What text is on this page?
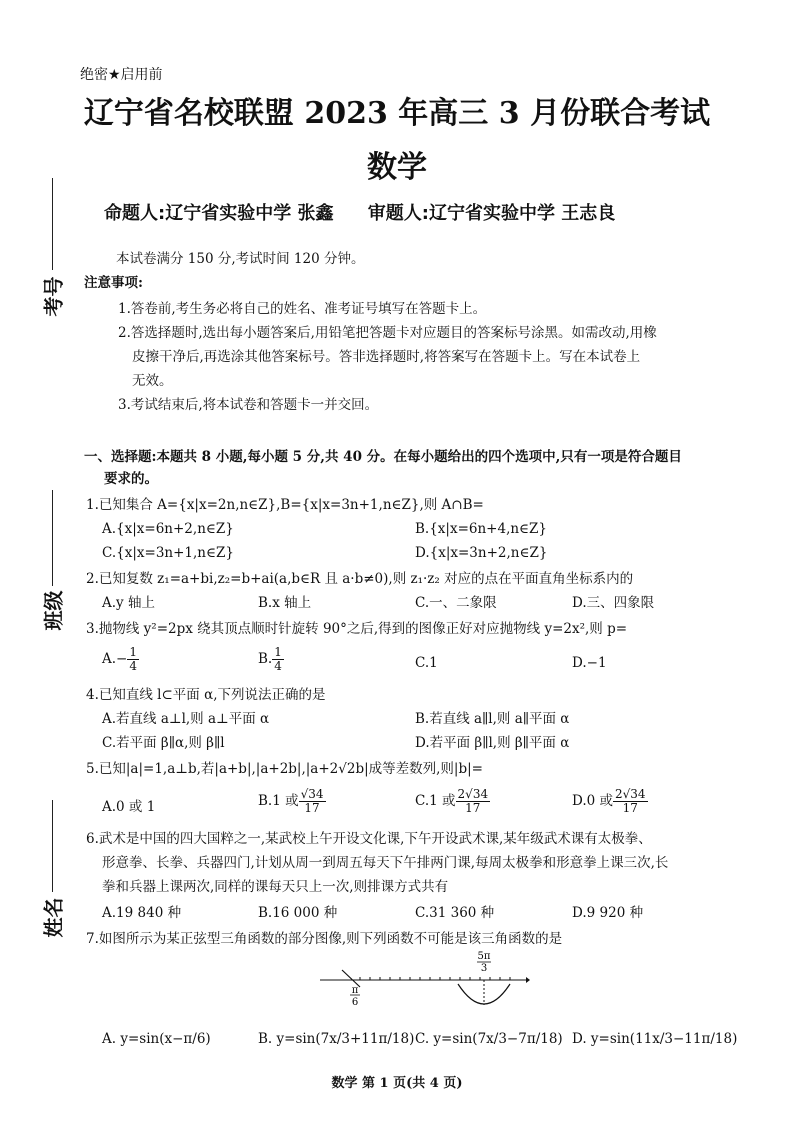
绝密★启用前
辽宁省名校联盟 2023 年高三 3 月份联合考试
数学
命题人:辽宁省实验中学 张鑫 审题人:辽宁省实验中学 王志良
考号
班级
姓名
本试卷满分 150 分,考试时间 120 分钟。
注意事项:
1.答卷前,考生务必将自己的姓名、准考证号填写在答题卡上。
2.答选择题时,选出每小题答案后,用铅笔把答题卡对应题目的答案标号涂黑。如需改动,用橡
皮擦干净后,再选涂其他答案标号。答非选择题时,将答案写在答题卡上。写在本试卷上
无效。
3.考试结束后,将本试卷和答题卡一并交回。
一、选择题:本题共 8 小题,每小题 5 分,共 40 分。在每小题给出的四个选项中,只有一项是符合题目
要求的。
1.已知集合 A={x|x=2n,n∈Z},B={x|x=3n+1,n∈Z},则 A∩B=
A.{x|x=6n+2,n∈Z}	B.{x|x=6n+4,n∈Z}
C.{x|x=3n+1,n∈Z}	D.{x|x=3n+2,n∈Z}
2.已知复数 z₁=a+bi,z₂=b+ai(a,b∈R 且 a·b≠0),则 z₁·z₂ 对应的点在平面直角坐标系内的
A.y 轴上	B.x 轴上	C.一、二象限	D.三、四象限
3.抛物线 y²=2px 绕其顶点顺时针旋转 90°之后,得到的图像正好对应抛物线 y=2x²,则 p=
$A.- \frac{1}{4}$	B. $\frac{1}{4}$	C.1	D.−1
4.已知直线 l⊂平面 α,下列说法正确的是
A.若直线 a⊥l,则 a⊥平面 α	B.若直线 a∥l,则 a∥平面 α
C.若平面 β∥α,则 β∥l	D.若平面 β∥l,则 β∥平面 α
5.已知|a|=1,a⊥b,若|a+b|,|a+2b|,|a+2√2b|成等差数列,则|b|=
A.0 或 1	B.1 或 $\frac{√34}{17}$	C.1 或 $\frac{2√34}{17}$	D.0 或 $\frac{2√34}{17}$
6.武术是中国的四大国粹之一,某武校上午开设文化课,下午开设武术课,某年级武术课有太极拳、
形意拳、长拳、兵器四门,计划从周一到周五每天下午排两门课,每周太极拳和形意拳上课三次,长
拳和兵器上课两次,同样的课每天只上一次,则排课方式共有
A.19 840 种	B.16 000 种	C.31 360 种	D.9 920 种
7.如图所示为某正弦型三角函数的部分图像,则下列函数不可能是该三角函数的是
5π
3
π
6
A. y=sin(x−π/6)	B. y=sin(7x/3+11π/18) C. y=sin(7x/3−7π/18) D. y=sin(11x/3−11π/18)
数学 第 1 页(共 4 页)
